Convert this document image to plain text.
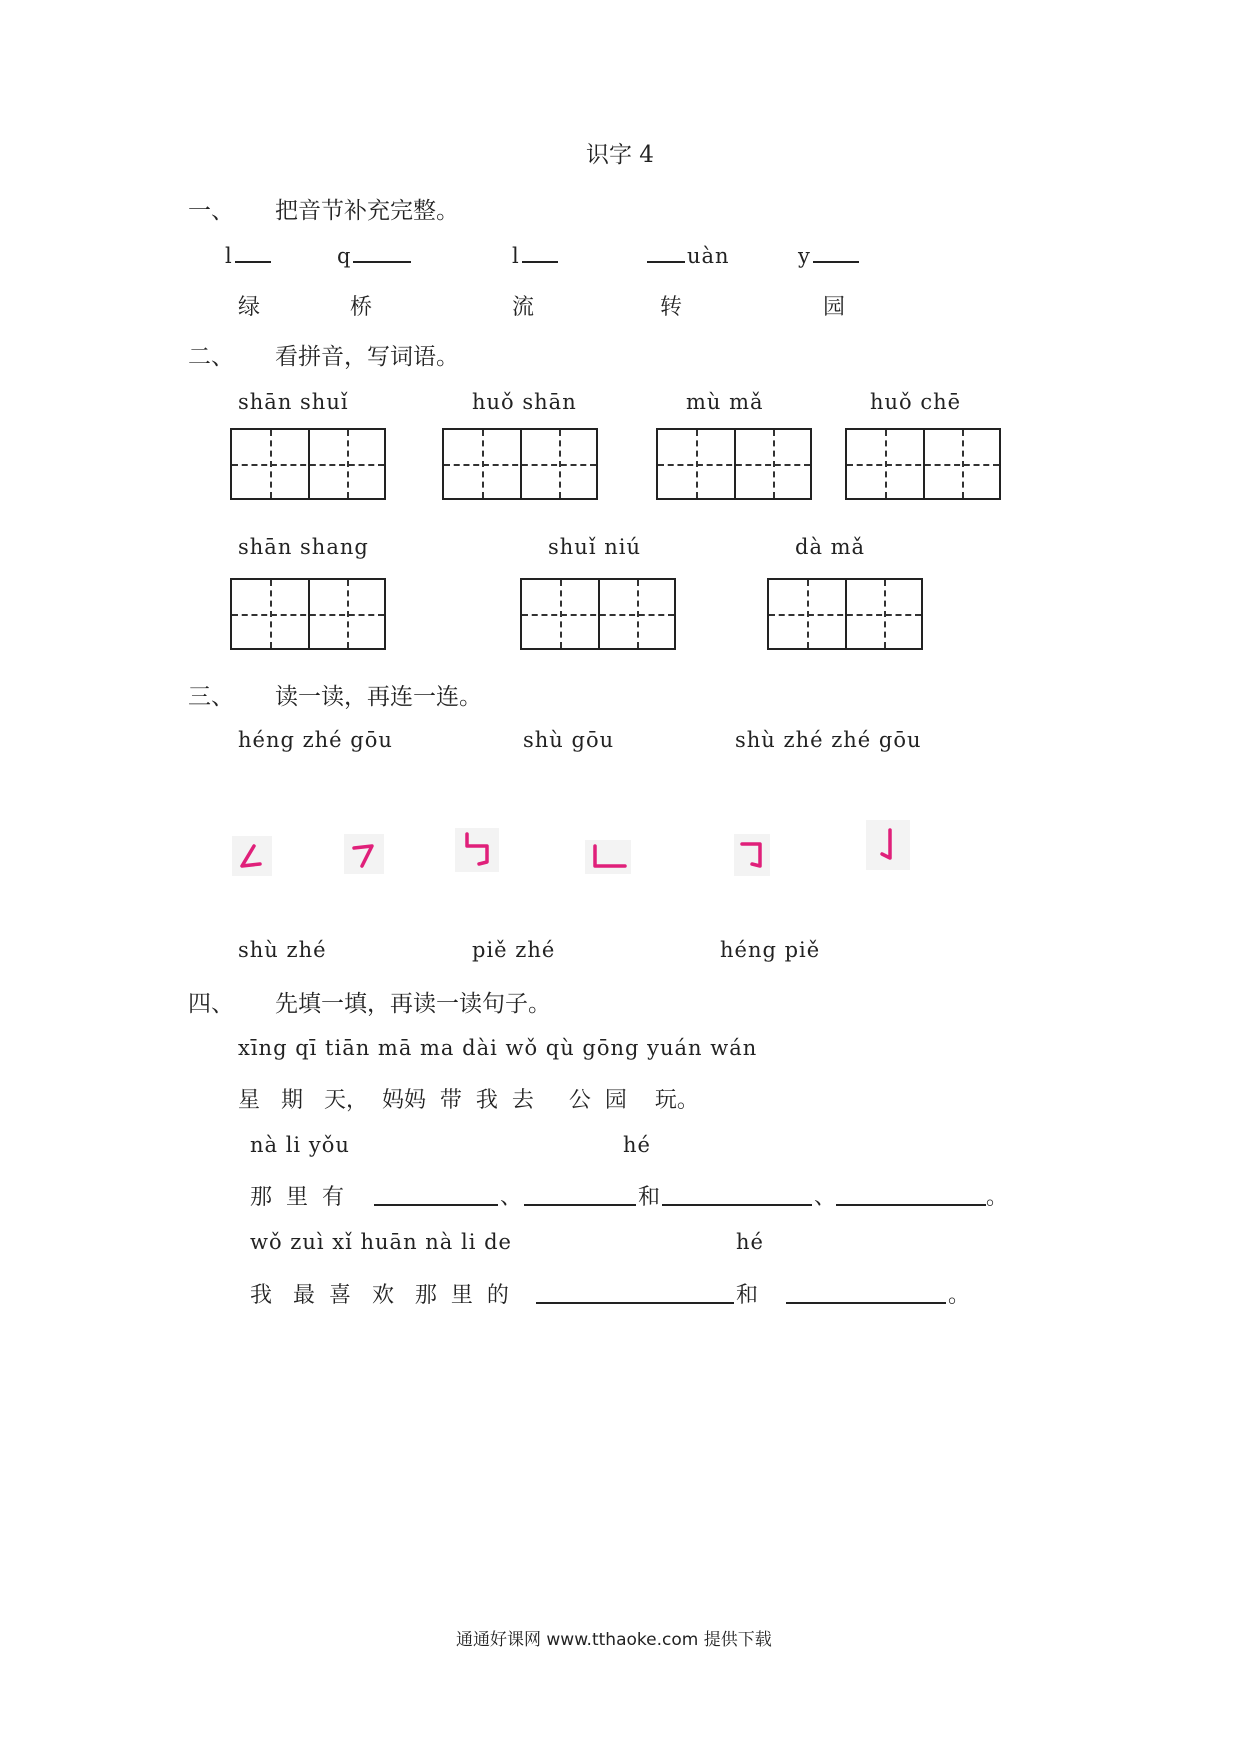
识字 4
一、 把音节补充完整。
l	q	l	uàn	y
绿	桥	流	转	园
二、 看拼音，写词语。
shān shuǐ	huǒ shān	mù mǎ	huǒ chē
shān shang	shuǐ niú	dà mǎ
三、 读一读，再连一连。
héng zhé gōu	shù gōu	shù zhé zhé gōu
shù zhé	piě zhé	héng piě
四、 先填一填，再读一读句子。
xīng qī tiān mā ma dài wǒ qù gōng yuán wán
星   期   天，  妈妈  带  我  去     公  园    玩。
nà li yǒu	hé
那  里  有	、	和	、	。
wǒ zuì xǐ huān nà li de	hé
我   最  喜   欢   那  里  的	和	。
通通好课网 www.tthaoke.com 提供下载
